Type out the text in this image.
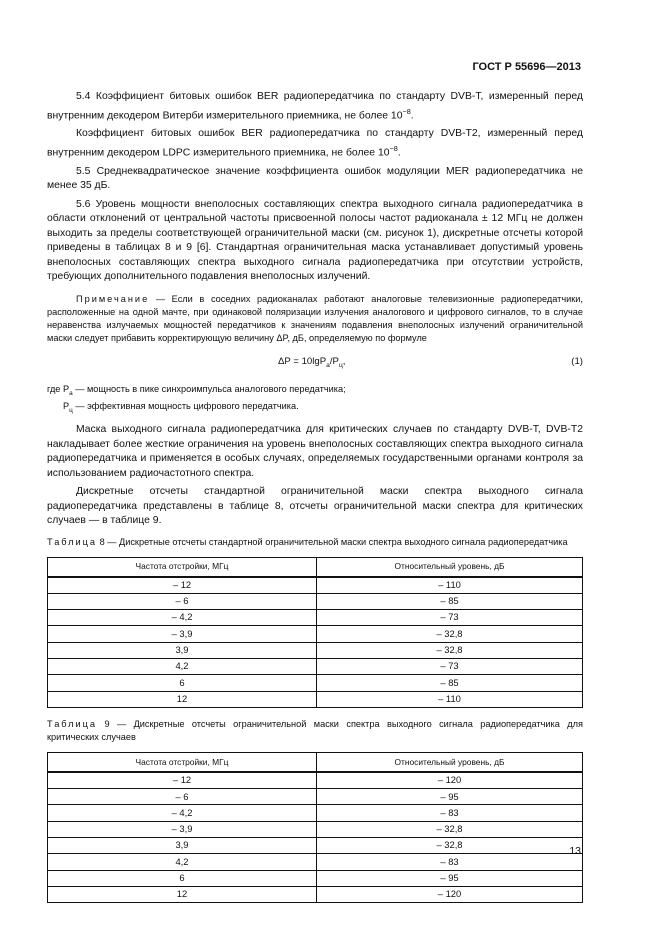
ГОСТ Р 55696—2013

5.4 Коэффициент битовых ошибок BER радиопередатчика по стандарту DVB-T, измеренный перед внутренним декодером Витерби измерительного приемника, не более $10^{-8}$.

Коэффициент битовых ошибок BER радиопередатчика по стандарту DVB-T2, измеренный перед внутренним декодером LDPC измерительного приемника, не более $10^{-8}$.

5.5 Среднеквадратическое значение коэффициента ошибок модуляции MER радиопередатчика не менее 35 дБ.

5.6 Уровень мощности внеполосных составляющих спектра выходного сигнала радиопередатчика в области отклонений от центральной частоты присвоенной полосы частот радиоканала ± 12 МГц не должен выходить за пределы соответствующей ограничительной маски (см. рисунок 1), дискретные отсчеты которой приведены в таблицах 8 и 9 [6]. Стандартная ограничительная маска устанавливает допустимый уровень внеполосных составляющих спектра выходного сигнала радиопередатчика при отсутствии устройств, требующих дополнительного подавления внеполосных излучений.

Примечание — Если в соседних радиоканалах работают аналоговые телевизионные радиопередатчики, расположенные на одной мачте, при одинаковой поляризации излучения аналогового и цифрового сигналов, то в случае неравенства излучаемых мощностей передатчиков к значениям подавления внеполосных излучений ограничительной маски следует прибавить корректирующую величину ΔP, дБ, определяемую по формуле

$\Delta P = 10\lg P_а/P_ц$,	(1)
где $P_а$ — мощность в пике синхроимпульса аналогового передатчика;
$P_ц$ — эффективная мощность цифрового передатчика.

Маска выходного сигнала радиопередатчика для критических случаев по стандарту DVB-T, DVB-T2 накладывает более жесткие ограничения на уровень внеполосных составляющих спектра выходного сигнала радиопередатчика и применяется в особых случаях, определяемых государственными органами контроля за использованием радиочастотного спектра.

Дискретные отсчеты стандартной ограничительной маски спектра выходного сигнала радиопередатчика представлены в таблице 8, отсчеты ограничительной маски спектра для критических случаев — в таблице 9.

Таблица 8 — Дискретные отсчеты стандартной ограничительной маски спектра выходного сигнала радиопередатчика
Частота отстройки, МГц	Относительный уровень, дБ
– 12	– 110
– 6	– 85
– 4,2	– 73
– 3,9	– 32,8
3,9	– 32,8
4,2	– 73
6	– 85
12	– 110
Таблица 9 — Дискретные отсчеты ограничительной маски спектра выходного сигнала радиопередатчика для критических случаев
Частота отстройки, МГц	Относительный уровень, дБ
– 12	– 120
– 6	– 95
– 4,2	– 83
– 3,9	– 32,8
3,9	– 32,8
4,2	– 83
6	– 95
12	– 120
13
